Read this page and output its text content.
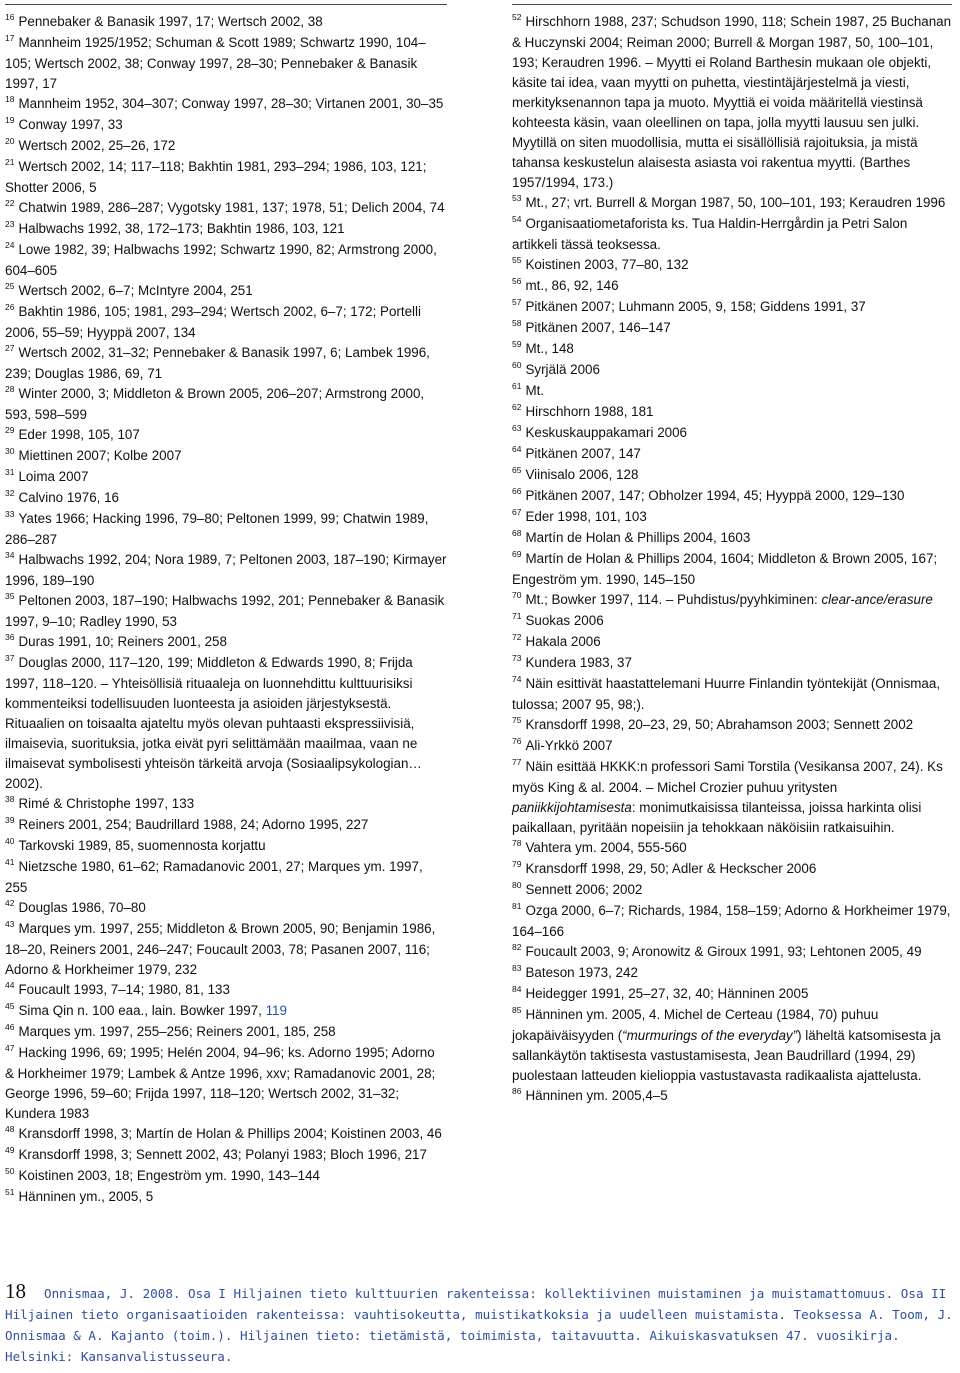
$^{16}$ Pennebaker & Banasik 1997, 17; Wertsch 2002, 38

$^{17}$ Mannheim 1925/1952; Schuman & Scott 1989; Schwartz 1990, 104–105; Wertsch 2002, 38; Conway 1997, 28–30; Pennebaker & Banasik 1997, 17

$^{18}$ Mannheim 1952, 304–307; Conway 1997, 28–30; Virtanen 2001, 30–35

$^{19}$ Conway 1997, 33

$^{20}$ Wertsch 2002, 25–26, 172

$^{21}$ Wertsch 2002, 14; 117–118; Bakhtin 1981, 293–294; 1986, 103, 121; Shotter 2006, 5

$^{22}$ Chatwin 1989, 286–287; Vygotsky 1981, 137; 1978, 51; Delich 2004, 74

$^{23}$ Halbwachs 1992, 38, 172–173; Bakhtin 1986, 103, 121

$^{24}$ Lowe 1982, 39; Halbwachs 1992; Schwartz 1990, 82; Armstrong 2000, 604–605

$^{25}$ Wertsch 2002, 6–7; McIntyre 2004, 251

$^{26}$ Bakhtin 1986, 105; 1981, 293–294; Wertsch 2002, 6–7; 172; Portelli 2006, 55–59; Hyyppä 2007, 134

$^{27}$ Wertsch 2002, 31–32; Pennebaker & Banasik 1997, 6; Lambek 1996, 239; Douglas 1986, 69, 71

$^{28}$ Winter 2000, 3; Middleton & Brown 2005, 206–207; Armstrong 2000, 593, 598–599

$^{29}$ Eder 1998, 105, 107

$^{30}$ Miettinen 2007; Kolbe 2007

$^{31}$ Loima 2007

$^{32}$ Calvino 1976, 16

$^{33}$ Yates 1966; Hacking 1996, 79–80; Peltonen 1999, 99; Chatwin 1989, 286–287

$^{34}$ Halbwachs 1992, 204; Nora 1989, 7; Peltonen 2003, 187–190; Kirmayer 1996, 189–190

$^{35}$ Peltonen 2003, 187–190; Halbwachs 1992, 201; Pennebaker & Banasik 1997, 9–10; Radley 1990, 53

$^{36}$ Duras 1991, 10; Reiners 2001, 258

$^{37}$ Douglas 2000, 117–120, 199; Middleton & Edwards 1990, 8; Frijda 1997, 118–120. – Yhteisöllisiä rituaaleja on luonnehdittu kulttuurisiksi kommenteiksi todellisuuden luonteesta ja asioiden järjestyksestä. Rituaalien on toisaalta ajateltu myös olevan puhtaasti ekspressiivisiä, ilmaisevia, suorituksia, jotka eivät pyri selittämään maailmaa, vaan ne ilmaisevat symbolisesti yhteisön tärkeitä arvoja (Sosiaalipsykologian…2002).

$^{38}$ Rimé & Christophe 1997, 133

$^{39}$ Reiners 2001, 254; Baudrillard 1988, 24; Adorno 1995, 227

$^{40}$ Tarkovski 1989, 85, suomennosta korjattu

$^{41}$ Nietzsche 1980, 61–62; Ramadanovic 2001, 27; Marques ym. 1997, 255

$^{42}$ Douglas 1986, 70–80

$^{43}$ Marques ym. 1997, 255; Middleton & Brown 2005, 90; Benjamin 1986, 18–20, Reiners 2001, 246–247; Foucault 2003, 78; Pasanen 2007, 116; Adorno & Horkheimer 1979, 232

$^{44}$ Foucault 1993, 7–14; 1980, 81, 133

$^{45}$ Sima Qin n. 100 eaa., lain. Bowker 1997, 119

$^{46}$ Marques ym. 1997, 255–256; Reiners 2001, 185, 258

$^{47}$ Hacking 1996, 69; 1995; Helén 2004, 94–96; ks. Adorno 1995; Adorno & Horkheimer 1979; Lambek & Antze 1996, xxv; Ramadanovic 2001, 28; George 1996, 59–60; Frijda 1997, 118–120; Wertsch 2002, 31–32; Kundera 1983

$^{48}$ Kransdorff 1998, 3; Martín de Holan & Phillips 2004; Koistinen 2003, 46

$^{49}$ Kransdorff 1998, 3; Sennett 2002, 43; Polanyi 1983; Bloch 1996, 217

$^{50}$ Koistinen 2003, 18; Engeström ym. 1990, 143–144

$^{51}$ Hänninen ym., 2005, 5

$^{52}$ Hirschhorn 1988, 237; Schudson 1990, 118; Schein 1987, 25 Buchanan & Huczynski 2004; Reiman 2000; Burrell & Morgan 1987, 50, 100–101, 193; Keraudren 1996. – Myytti ei Roland Barthesin mukaan ole objekti, käsite tai idea, vaan myytti on puhetta, viestintäjärjestelmä ja viesti, merkityksenannon tapa ja muoto. Myyttiä ei voida määritellä viestinsä kohteesta käsin, vaan oleellinen on tapa, jolla myytti lausuu sen julki. Myytillä on siten muodollisia, mutta ei sisällöllisiä rajoituksia, ja mistä tahansa keskustelun alaisesta asiasta voi rakentua myytti. (Barthes 1957/1994, 173.)

$^{53}$ Mt., 27; vrt. Burrell & Morgan 1987, 50, 100–101, 193; Keraudren 1996

$^{54}$ Organisaatiometaforista ks. Tua Haldin-Herrgårdin ja Petri Salon artikkeli tässä teoksessa.

$^{55}$ Koistinen 2003, 77–80, 132

$^{56}$ mt., 86, 92, 146

$^{57}$ Pitkänen 2007; Luhmann 2005, 9, 158; Giddens 1991, 37

$^{58}$ Pitkänen 2007, 146–147

$^{59}$ Mt., 148

$^{60}$ Syrjälä 2006

$^{61}$ Mt.

$^{62}$ Hirschhorn 1988, 181

$^{63}$ Keskuskauppakamari 2006

$^{64}$ Pitkänen 2007, 147

$^{65}$ Viinisalo 2006, 128

$^{66}$ Pitkänen 2007, 147; Obholzer 1994, 45; Hyyppä 2000, 129–130

$^{67}$ Eder 1998, 101, 103

$^{68}$ Martín de Holan & Phillips 2004, 1603

$^{69}$ Martín de Holan & Phillips 2004, 1604; Middleton & Brown 2005, 167; Engeström ym. 1990, 145–150

$^{70}$ Mt.; Bowker 1997, 114. – Puhdistus/pyyhkiminen: clear-ance/erasure

$^{71}$ Suokas 2006

$^{72}$ Hakala 2006

$^{73}$ Kundera 1983, 37

$^{74}$ Näin esittivät haastattelemani Huurre Finlandin työntekijät (Onnismaa, tulossa; 2007 95, 98;).

$^{75}$ Kransdorff 1998, 20–23, 29, 50; Abrahamson 2003; Sennett 2002

$^{76}$ Ali-Yrkkö 2007

$^{77}$ Näin esittää HKKK:n professori Sami Torstila (Vesikansa 2007, 24). Ks myös King & al. 2004. – Michel Crozier puhuu yritysten paniikkijohtamisesta: monimutkaisissa tilanteissa, joissa harkinta olisi paikallaan, pyritään nopeisiin ja tehokkaan näköisiin ratkaisuihin.

$^{78}$ Vahtera ym. 2004, 555-560

$^{79}$ Kransdorff 1998, 29, 50; Adler & Heckscher 2006

$^{80}$ Sennett 2006; 2002

$^{81}$ Ozga 2000, 6–7; Richards, 1984, 158–159; Adorno & Horkheimer 1979, 164–166

$^{82}$ Foucault 2003, 9; Aronowitz & Giroux 1991, 93; Lehtonen 2005, 49

$^{83}$ Bateson 1973, 242

$^{84}$ Heidegger 1991, 25–27, 32, 40; Hänninen 2005

$^{85}$ Hänninen ym. 2005, 4. Michel de Certeau (1984, 70) puhuu jokapäiväisyyden (“murmurings of the everyday”) läheltä katsomisesta ja sallankäytön taktisesta vastustamisesta, Jean Baudrillard (1994, 29) puolestaan latteuden kielioppia vastustavasta radikaalista ajattelusta.

$^{86}$ Hänninen ym. 2005,4–5

18 Onnismaa, J. 2008. Osa I Hiljainen tieto kulttuurien rakenteissa: kollektiivinen muistaminen ja muistamattomuus. Osa II Hiljainen tieto organisaatioiden rakenteissa: vauhtisokeutta, muistikatkoksia ja uudelleen muistamista. Teoksessa A. Toom, J. Onnismaa & A. Kajanto (toim.). Hiljainen tieto: tietämistä, toimimista, taitavuutta. Aikuiskasvatuksen 47. vuosikirja. Helsinki: Kansanvalistusseura.
